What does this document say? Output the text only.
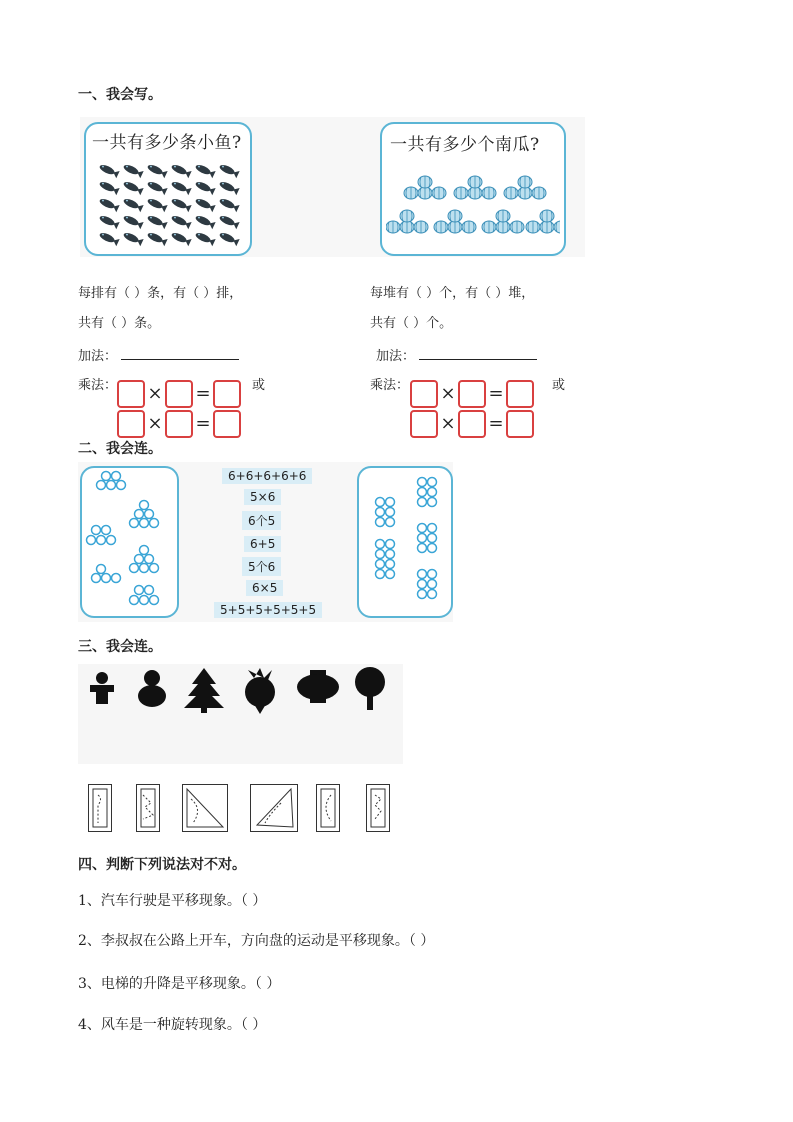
一、我会写。
一共有多少条小鱼?	一共有多少个南瓜?
每排有（ ）条，有（ ）排，
共有（ ）条。
加法：
乘法：	× =	或
× =
每堆有（ ）个，有（ ）堆，
共有（ ）个。
加法：
乘法：	× =	或
× =
二、我会连。
6+6+6+6+6
5×6
6个5
6+5
5个6
6×5
5+5+5+5+5+5
三、我会连。
四、判断下列说法对不对。
1、汽车行驶是平移现象。（ ）
2、李叔叔在公路上开车，方向盘的运动是平移现象。（ ）
3、电梯的升降是平移现象。（ ）
4、风车是一种旋转现象。（ ）
